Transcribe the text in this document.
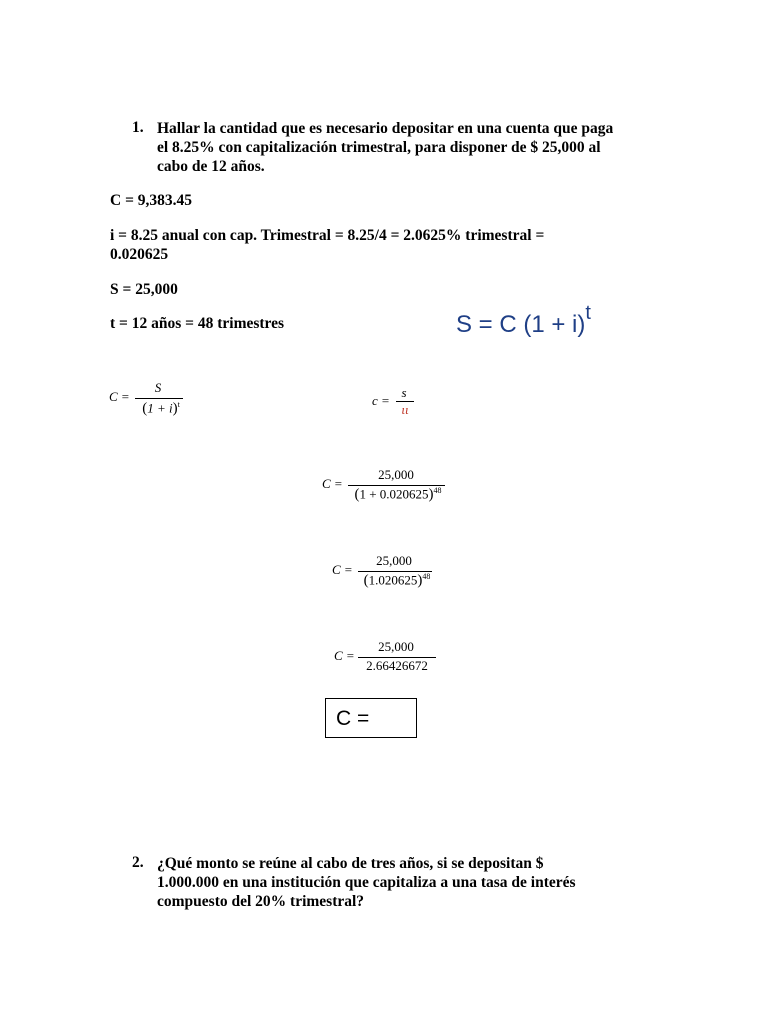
1. Hallar la cantidad que es necesario depositar en una cuenta que paga
el 8.25% con capitalización trimestral, para disponer de $ 25,000 al
cabo de 12 años.
C = 9,383.45
i = 8.25 anual con cap. Trimestral = 8.25/4 = 2.0625% trimestral =
0.020625
S = 25,000
t = 12 años = 48 trimestres	S = C $(1 + i)^t$
C =
S
$(1 + i)^t$	c =
s
ιι
C =
25,000
$(1 + 0.020625)^{48}$
C =
25,000
$(1.020625)^{48}$
C =
25,000
2.66426672
C =
2. ¿Qué monto se reúne al cabo de tres años, si se depositan $
1.000.000 en una institución que capitaliza a una tasa de interés
compuesto del 20% trimestral?
